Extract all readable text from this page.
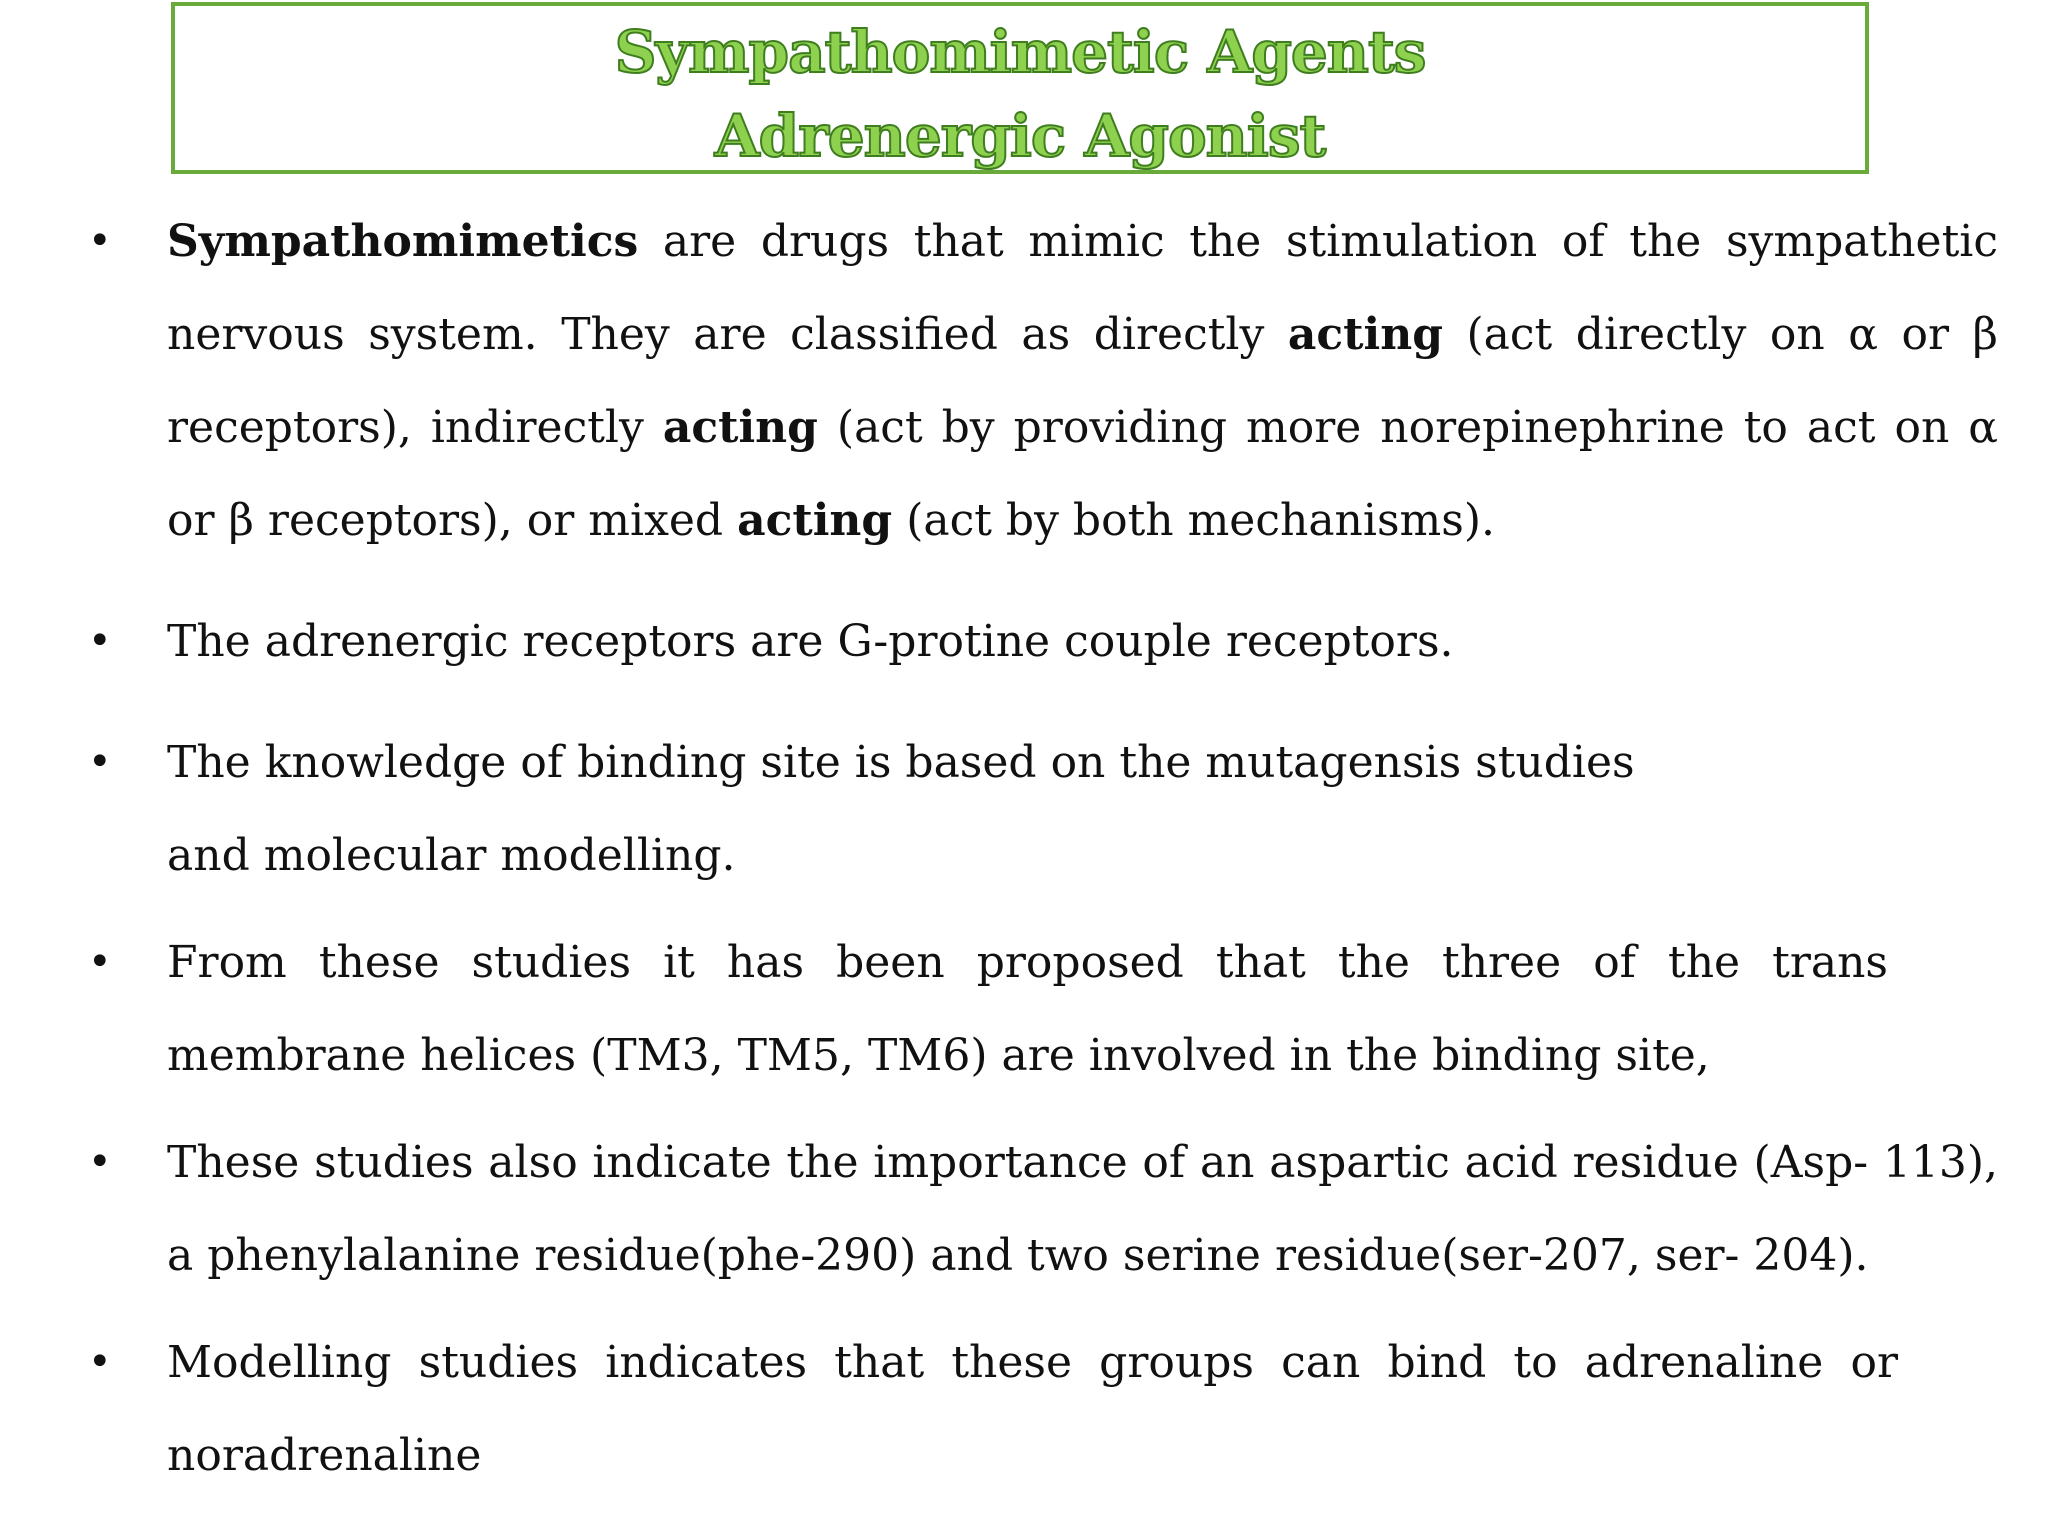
Sympathomimetic Agents
Adrenergic Agonist
• Sympathomimetics are drugs that mimic the stimulation of the sympathetic nervous system. They are classified as directly acting (act directly on α or β receptors), indirectly acting (act by providing more norepinephrine to act on α or β receptors), or mixed acting (act by both mechanisms).
• The adrenergic receptors are G-protine couple receptors.
• The knowledge of binding site is based on the mutagensis studies and molecular modelling.
• From these studies it has been proposed that the three of the trans membrane helices (TM3, TM5, TM6) are involved in the binding site,
• These studies also indicate the importance of an aspartic acid residue (Asp- 113), a phenylalanine residue(phe-290) and two serine residue(ser-207, ser- 204).
• Modelling studies indicates that these groups can bind to adrenaline or noradrenaline
